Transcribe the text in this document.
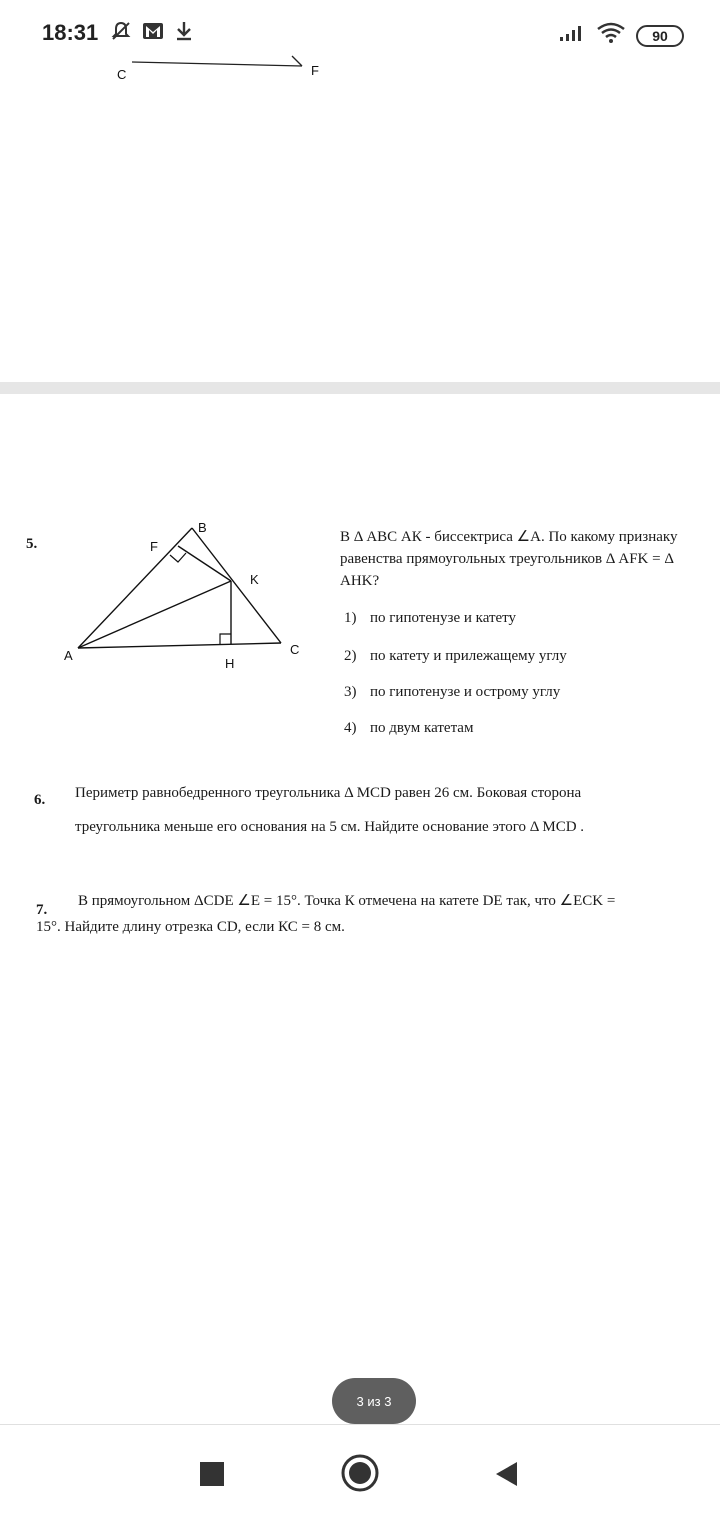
18:31	90
C	F
5.
A
B
C
F
K
H
В Δ ABC АК - биссектриса ∠А. По какому признаку равенства прямоугольных треугольников Δ AFK = Δ AHK?
1) по гипотенузе и катету
2) по катету и прилежащему углу
3) по гипотенузе и острому углу
4) по двум катетам
6. Периметр равнобедренного треугольника Δ MCD равен 26 см. Боковая сторона
треугольника меньше его основания на 5 см. Найдите основание этого Δ MCD .
7.
В прямоугольном ΔCDE ∠E = 15°. Точка К отмечена на катете DE так, что ∠ECK =
15°. Найдите длину отрезка CD, если КС = 8 см.
3 из 3
